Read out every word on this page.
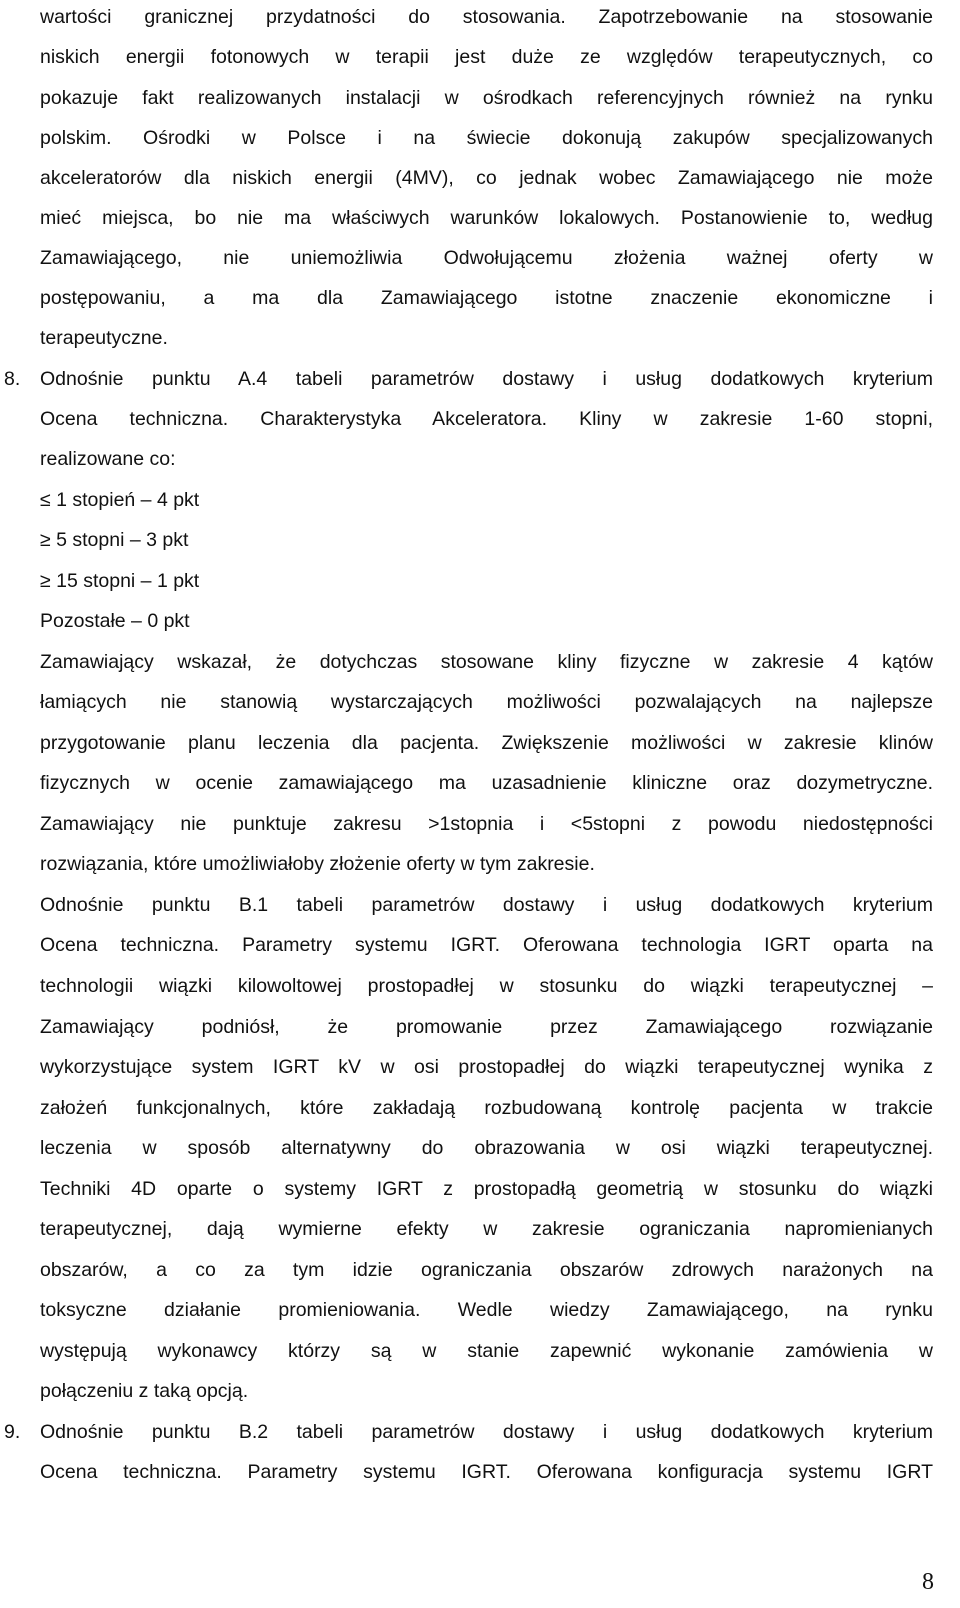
wartości granicznej przydatności do stosowania. Zapotrzebowanie na stosowanie
niskich energii fotonowych w terapii jest duże ze względów terapeutycznych, co
pokazuje fakt realizowanych instalacji w ośrodkach referencyjnych również na rynku
polskim. Ośrodki w Polsce i na świecie dokonują zakupów specjalizowanych
akceleratorów dla niskich energii (4MV), co jednak wobec Zamawiającego nie może
mieć miejsca, bo nie ma właściwych warunków lokalowych. Postanowienie to, według
Zamawiającego, nie uniemożliwia Odwołującemu złożenia ważnej oferty w
postępowaniu, a ma dla Zamawiającego istotne znaczenie ekonomiczne i
terapeutyczne.
8.	Odnośnie punktu A.4 tabeli parametrów dostawy i usług dodatkowych kryterium
Ocena techniczna. Charakterystyka Akceleratora. Kliny w zakresie 1-60 stopni,
realizowane co:
≤ 1 stopień – 4 pkt
≥ 5 stopni – 3 pkt
≥ 15 stopni – 1 pkt
Pozostałe – 0 pkt
Zamawiający wskazał, że dotychczas stosowane kliny fizyczne w zakresie 4 kątów
łamiących nie stanowią wystarczających możliwości pozwalających na najlepsze
przygotowanie planu leczenia dla pacjenta. Zwiększenie możliwości w zakresie klinów
fizycznych w ocenie zamawiającego ma uzasadnienie kliniczne oraz dozymetryczne.
Zamawiający nie punktuje zakresu >1stopnia i <5stopni z powodu niedostępności
rozwiązania, które umożliwiałoby złożenie oferty w tym zakresie.
Odnośnie punktu B.1 tabeli parametrów dostawy i usług dodatkowych kryterium
Ocena techniczna. Parametry systemu IGRT. Oferowana technologia IGRT oparta na
technologii wiązki kilowoltowej prostopadłej w stosunku do wiązki terapeutycznej –
Zamawiający podniósł, że promowanie przez Zamawiającego rozwiązanie
wykorzystujące system IGRT kV w osi prostopadłej do wiązki terapeutycznej wynika z
założeń funkcjonalnych, które zakładają rozbudowaną kontrolę pacjenta w trakcie
leczenia w sposób alternatywny do obrazowania w osi wiązki terapeutycznej.
Techniki 4D oparte o systemy IGRT z prostopadłą geometrią w stosunku do wiązki
terapeutycznej, dają wymierne efekty w zakresie ograniczania napromienianych
obszarów, a co za tym idzie ograniczania obszarów zdrowych narażonych na
toksyczne działanie promieniowania. Wedle wiedzy Zamawiającego, na rynku
występują wykonawcy którzy są w stanie zapewnić wykonanie zamówienia w
połączeniu z taką opcją.
9.	Odnośnie punktu B.2 tabeli parametrów dostawy i usług dodatkowych kryterium
Ocena techniczna. Parametry systemu IGRT. Oferowana konfiguracja systemu IGRT
8
